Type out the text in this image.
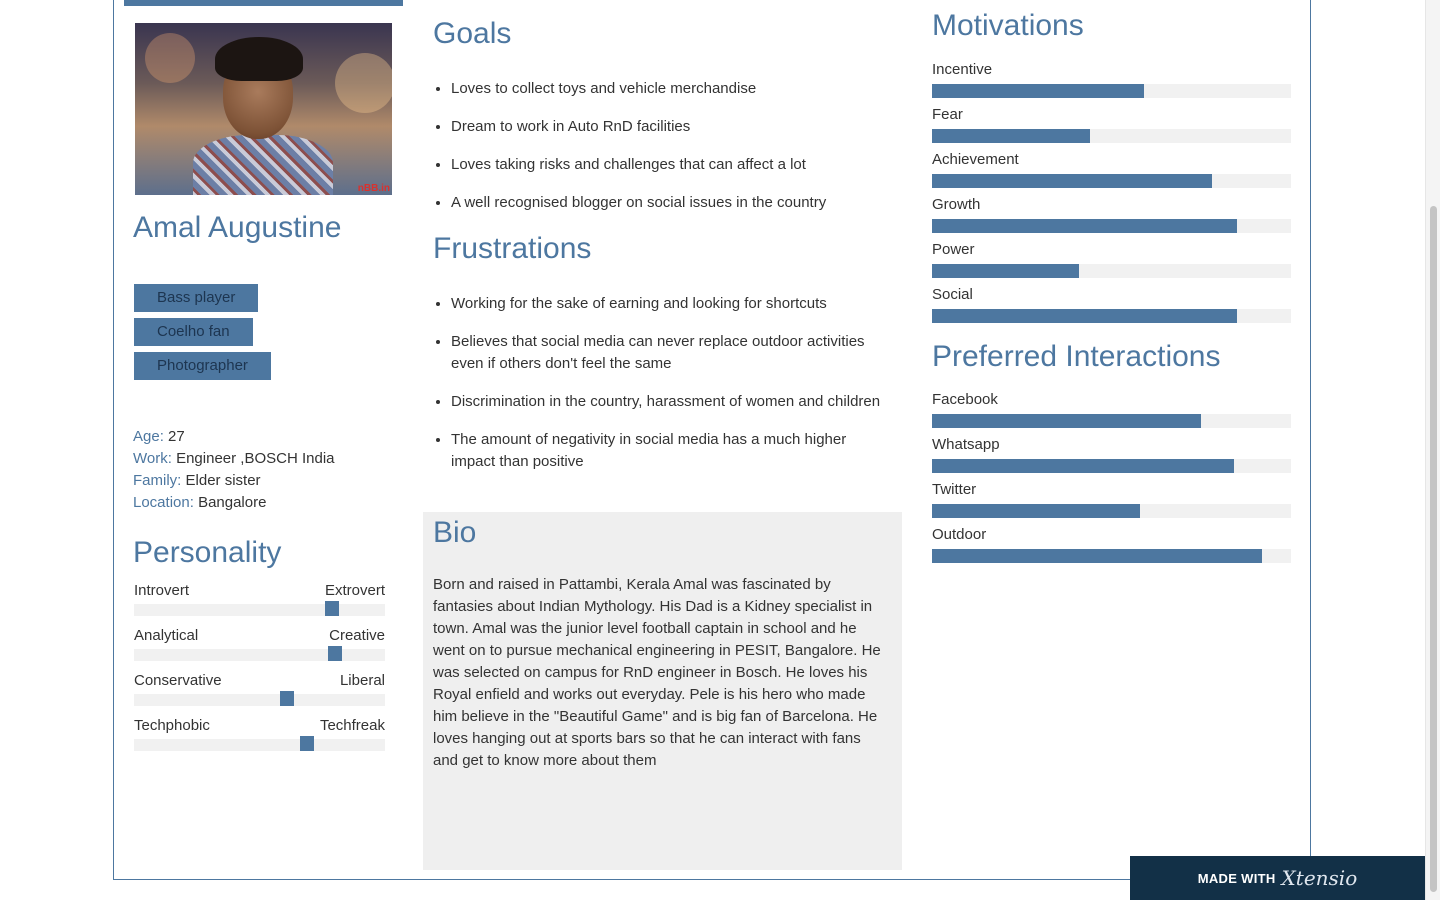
nBB.in
Amal Augustine
Bass player
Coelho fan
Photographer
Age: 27
Work: Engineer ,BOSCH India
Family: Elder sister
Location: Bangalore
Personality
Introvert	Extrovert
Analytical	Creative
Conservative	Liberal
Techphobic	Techfreak
Goals
• Loves to collect toys and vehicle merchandise
• Dream to work in Auto RnD facilities
• Loves taking risks and challenges that can affect a lot
• A well recognised blogger on social issues in the country
Frustrations
• Working for the sake of earning and looking for shortcuts
• Believes that social media can never replace outdoor activities even if others don't feel the same
• Discrimination in the country, harassment of women and children
• The amount of negativity in social media has a much higher impact than positive
Bio

Born and raised in Pattambi, Kerala Amal was fascinated by fantasies about Indian Mythology. His Dad is a Kidney specialist in town. Amal was the junior level football captain in school and he went on to pursue mechanical engineering in PESIT, Bangalore. He was selected on campus for RnD engineer in Bosch. He loves his Royal enfield and works out everyday. Pele is his hero who made him believe in the "Beautiful Game" and is big fan of Barcelona. He loves hanging out at sports bars so that he can interact with fans and get to know more about them

Motivations
Incentive
Fear
Achievement
Growth
Power
Social
Preferred Interactions
Facebook
Whatsapp
Twitter
Outdoor
MADE WITH Xtensio
